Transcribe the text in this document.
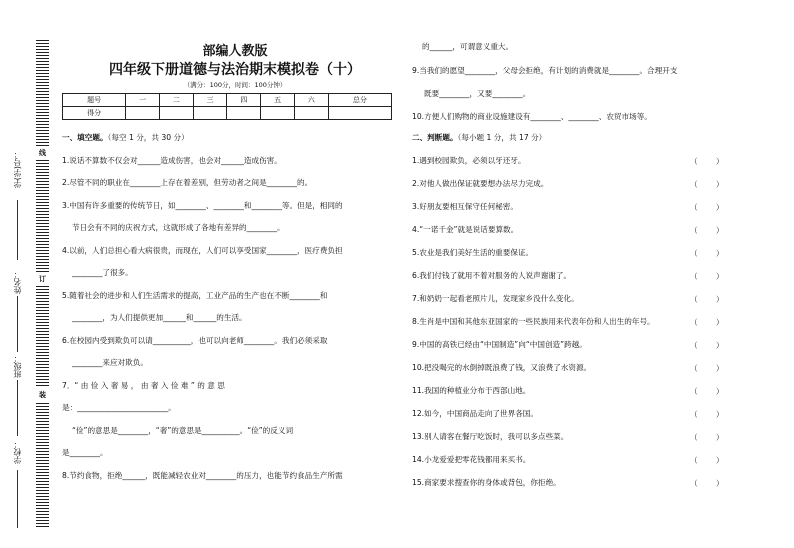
线
订
装
学(学)号：
姓名：
班级：
学校：
部编人教版
四年级下册道德与法治期末模拟卷（十）
（满分：100分，时间：100分钟）
题号	一	二	三	四	五	六	总分
得分							
一、填空题。（每空 1 分，共 30 分）
1.说话不算数不仅会对______造成伤害，也会对______造成伤害。
2.尽管不同的职业在________上存在着差别，但劳动者之间是________的。
3.中国有许多重要的传统节日，如________、________和________等。但是，相同的
节日会有不同的庆祝方式，这就形成了各地有差异的________。
4.以前，人们总担心看大病很贵，而现在，人们可以享受国家________，医疗费负担
________了很多。
5.随着社会的进步和人们生活需求的提高，工业产品的生产也在不断________和
________，为人们提供更加______和______的生活。
6.在校园内受到欺负可以请__________，也可以向老师________。我们必须采取
________来应对欺负。
7．“ 由 俭 入 奢 易 ， 由 奢 入 俭 难 ” 的 意 思
是：________________________。
“俭”的意思是________，“奢”的意思是__________。“俭”的反义词
是________。
8.节约食物，拒绝______，既能减轻农业对________的压力，也能节约食品生产所需
的______，可谓意义重大。
9.当我们的愿望________，父母会拒绝，有计划的消费就是________。合理开支
既要________，又要________。
10.方便人们购物的商业设施建设有________、________、农贸市场等。
二、判断题。（每小题 1 分，共 17 分）
1.遇到校园欺负，必须以牙还牙。
2.对他人做出保证就要想办法尽力完成。
3.好朋友要相互保守任何秘密。
4.“一诺千金”就是说话要算数。
5.农业是我们美好生活的重要保证。
6.我们付钱了就用不着对服务的人说声谢谢了。
7.和奶奶一起看老照片儿，发现家乡没什么变化。
8.生肖是中国和其他东亚国家的一些民族用来代表年份和人出生的年号。
9.中国的高铁已经由“中国制造”向“中国创造”跨越。
10.把没喝完的水倒掉既浪费了钱，又浪费了水资源。
11.我国的种植业分布于西部山地。
12.如今，中国商品走向了世界各国。
13.别人请客在餐厅吃饭时，我可以多点些菜。
14.小龙爱爱把零花钱都用来买书。
15.商家要求搜查你的身体或背包，你拒绝。
（ ）
（ ）
（ ）
（ ）
（ ）
（ ）
（ ）
（ ）
（ ）
（ ）
（ ）
（ ）
（ ）
（ ）
（ ）
